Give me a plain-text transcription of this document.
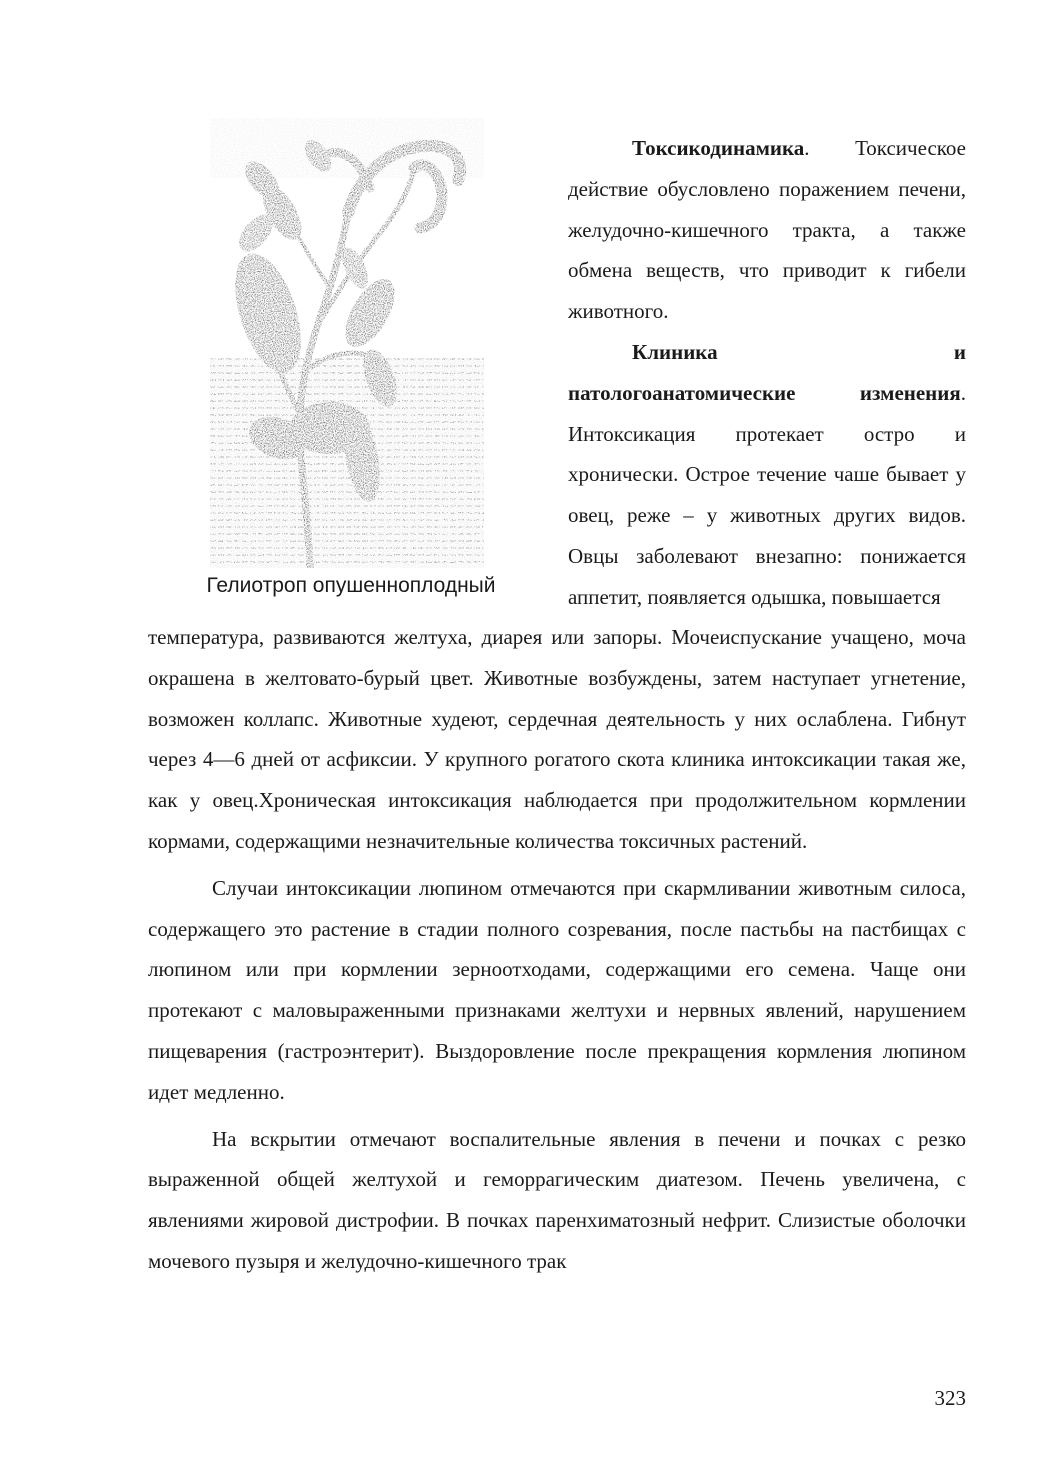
Гелиотроп опушенноплодный

Токсикодинамика. Токсическое действие обусловлено поражением печени, желудочно-кишечного тракта, а также обмена веществ, что приводит к гибели животного.

Клиника и патологоанатомические изменения. Интоксикация протекает остро и хронически. Острое течение чаше бывает у овец, реже – у животных других видов. Овцы заболевают внезапно: понижается аппетит, появляется одышка, повышается

температура, развиваются желтуха, диарея или запоры. Мочеиспускание учащено, моча окрашена в желтовато-бурый цвет. Животные возбуждены, затем наступает угнетение, возможен коллапс. Животные худеют, сердечная деятельность у них ослаблена. Гибнут через 4—6 дней от асфиксии. У крупного рогатого скота клиника интоксикации такая же, как у овец.Хроническая интоксикация наблюдается при продолжительном кормлении кормами, содержащими незначительные количества токсичных растений.

Случаи интоксикации люпином отмечаются при скармливании животным силоса, содержащего это растение в стадии полного созревания, после пастьбы на пастбищах с люпином или при кормлении зерноотходами, содержащими его семена. Чаще они протекают с маловыраженными признаками желтухи и нервных явлений, нарушением пищеварения (гастроэнтерит). Выздоровление после прекращения кормления люпином идет медленно.

На вскрытии отмечают воспалительные явления в печени и почках с резко выраженной общей желтухой и геморрагическим диатезом. Печень увеличена, с явлениями жировой дистрофии. В почках паренхиматозный нефрит. Слизистые оболочки мочевого пузыря и желудочно-кишечного трак

323
